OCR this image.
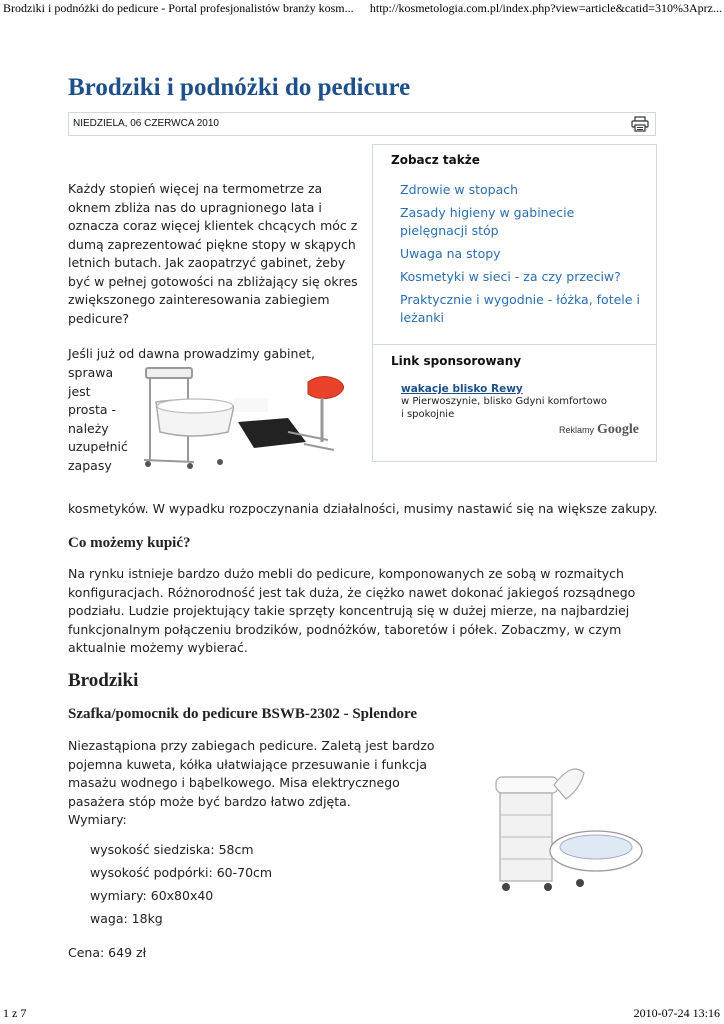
Brodziki i podnóżki do pedicure - Portal profesjonalistów branży kosm... http://kosmetologia.com.pl/index.php?view=article&catid=310%3Aprz...
Brodziki i podnóżki do pedicure
NIEDZIELA, 06 CZERWCA 2010
Zobacz także
Zdrowie w stopach
Zasady higieny w gabinecie pielęgnacji stóp
Uwaga na stopy
Kosmetyki w sieci - za czy przeciw?
Praktycznie i wygodnie - łóżka, fotele i leżanki
Link sponsorowany
wakacje blisko Rewy
w Pierwoszynie, blisko Gdyni komfortowo i spokojnie
Reklamy Google

Każdy stopień więcej na termometrze za oknem zbliża nas do upragnionego lata i oznacza coraz więcej klientek chcących móc z dumą zaprezentować piękne stopy w skąpych letnich butach. Jak zaopatrzyć gabinet, żeby być w pełnej gotowości na zbliżający się okres zwiększonego zainteresowania zabiegiem pedicure?

Jeśli już od dawna prowadzimy gabinet,

sprawa
jest
prosta -
należy
uzupełnić
zapasy

kosmetyków. W wypadku rozpoczynania działalności, musimy nastawić się na większe zakupy.

Co możemy kupić?

Na rynku istnieje bardzo dużo mebli do pedicure, komponowanych ze sobą w rozmaitych konfiguracjach. Różnorodność jest tak duża, że ciężko nawet dokonać jakiegoś rozsądnego podziału. Ludzie projektujący takie sprzęty koncentrują się w dużej mierze, na najbardziej funkcjonalnym połączeniu brodzików, podnóżków, taboretów i półek. Zobaczmy, w czym aktualnie możemy wybierać.

Brodziki
Szafka/pomocnik do pedicure BSWB-2302 - Splendore

Niezastąpiona przy zabiegach pedicure. Zaletą jest bardzo pojemna kuweta, kółka ułatwiające przesuwanie i funkcja masażu wodnego i bąbelkowego. Misa elektrycznego pasażera stóp może być bardzo łatwo zdjęta.

Wymiary:

wysokość siedziska: 58cm
wysokość podpórki: 60-70cm
wymiary: 60x80x40
waga: 18kg

Cena: 649 zł

1 z 7	2010-07-24 13:16
